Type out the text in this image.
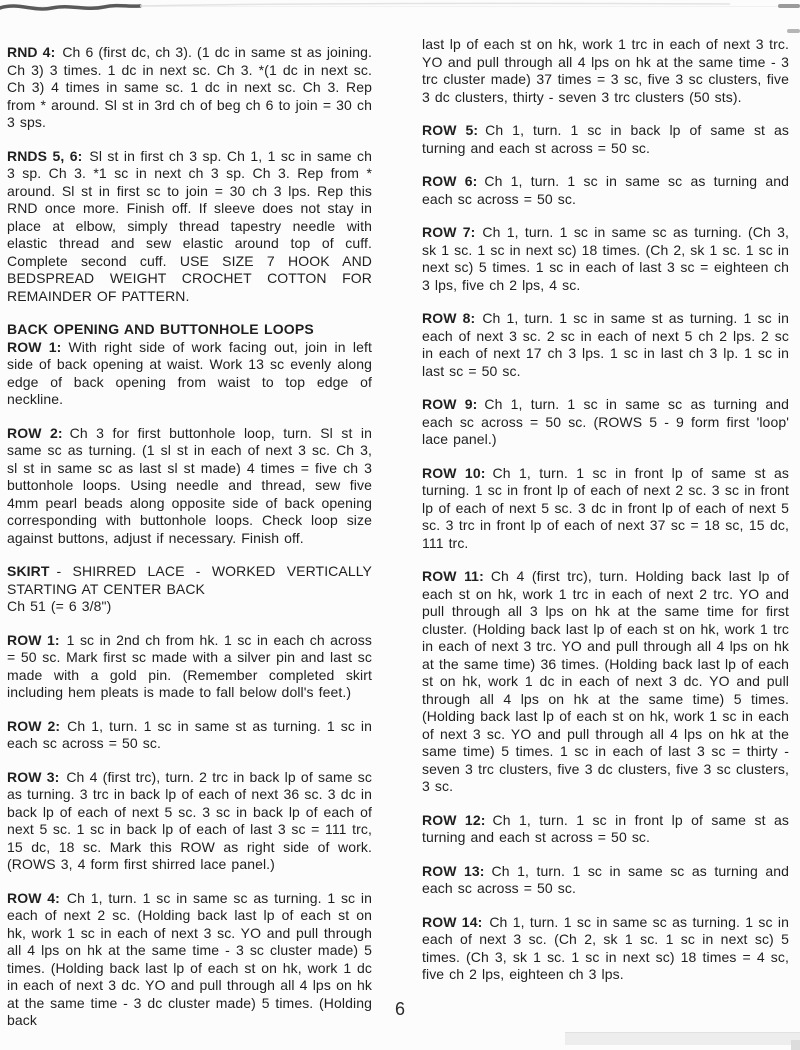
RND 4: Ch 6 (first dc, ch 3). (1 dc in same st as joining. Ch 3) 3 times. 1 dc in next sc. Ch 3. *(1 dc in next sc. Ch 3) 4 times in same sc. 1 dc in next sc. Ch 3. Rep from * around. Sl st in 3rd ch of beg ch 6 to join = 30 ch 3 sps.

RNDS 5, 6: Sl st in first ch 3 sp. Ch 1, 1 sc in same ch 3 sp. Ch 3. *1 sc in next ch 3 sp. Ch 3. Rep from * around. Sl st in first sc to join = 30 ch 3 lps. Rep this RND once more. Finish off. If sleeve does not stay in place at elbow, simply thread tapestry needle with elastic thread and sew elastic around top of cuff. Complete second cuff. USE SIZE 7 HOOK AND BEDSPREAD WEIGHT CROCHET COTTON FOR REMAINDER OF PATTERN.

BACK OPENING AND BUTTONHOLE LOOPS

ROW 1: With right side of work facing out, join in left side of back opening at waist. Work 13 sc evenly along edge of back opening from waist to top edge of neckline.

ROW 2: Ch 3 for first buttonhole loop, turn. Sl st in same sc as turning. (1 sl st in each of next 3 sc. Ch 3, sl st in same sc as last sl st made) 4 times = five ch 3 buttonhole loops. Using needle and thread, sew five 4mm pearl beads along opposite side of back opening corresponding with buttonhole loops. Check loop size against buttons, adjust if necessary. Finish off.

SKIRT - SHIRRED LACE - WORKED VERTICALLY STARTING AT CENTER BACK

Ch 51 (= 6 3/8")

ROW 1: 1 sc in 2nd ch from hk. 1 sc in each ch across = 50 sc. Mark first sc made with a silver pin and last sc made with a gold pin. (Remember completed skirt including hem pleats is made to fall below doll's feet.)

ROW 2: Ch 1, turn. 1 sc in same st as turning. 1 sc in each sc across = 50 sc.

ROW 3: Ch 4 (first trc), turn. 2 trc in back lp of same sc as turning. 3 trc in back lp of each of next 36 sc. 3 dc in back lp of each of next 5 sc. 3 sc in back lp of each of next 5 sc. 1 sc in back lp of each of last 3 sc = 111 trc, 15 dc, 18 sc. Mark this ROW as right side of work. (ROWS 3, 4 form first shirred lace panel.)

ROW 4: Ch 1, turn. 1 sc in same sc as turning. 1 sc in each of next 2 sc. (Holding back last lp of each st on hk, work 1 sc in each of next 3 sc. YO and pull through all 4 lps on hk at the same time - 3 sc cluster made) 5 times. (Holding back last lp of each st on hk, work 1 dc in each of next 3 dc. YO and pull through all 4 lps on hk at the same time - 3 dc cluster made) 5 times. (Holding back

last lp of each st on hk, work 1 trc in each of next 3 trc. YO and pull through all 4 lps on hk at the same time - 3 trc cluster made) 37 times = 3 sc, five 3 sc clusters, five 3 dc clusters, thirty - seven 3 trc clusters (50 sts).

ROW 5: Ch 1, turn. 1 sc in back lp of same st as turning and each st across = 50 sc.

ROW 6: Ch 1, turn. 1 sc in same sc as turning and each sc across = 50 sc.

ROW 7: Ch 1, turn. 1 sc in same sc as turning. (Ch 3, sk 1 sc. 1 sc in next sc) 18 times. (Ch 2, sk 1 sc. 1 sc in next sc) 5 times. 1 sc in each of last 3 sc = eighteen ch 3 lps, five ch 2 lps, 4 sc.

ROW 8: Ch 1, turn. 1 sc in same st as turning. 1 sc in each of next 3 sc. 2 sc in each of next 5 ch 2 lps. 2 sc in each of next 17 ch 3 lps. 1 sc in last ch 3 lp. 1 sc in last sc = 50 sc.

ROW 9: Ch 1, turn. 1 sc in same sc as turning and each sc across = 50 sc. (ROWS 5 - 9 form first 'loop' lace panel.)

ROW 10: Ch 1, turn. 1 sc in front lp of same st as turning. 1 sc in front lp of each of next 2 sc. 3 sc in front lp of each of next 5 sc. 3 dc in front lp of each of next 5 sc. 3 trc in front lp of each of next 37 sc = 18 sc, 15 dc, 111 trc.

ROW 11: Ch 4 (first trc), turn. Holding back last lp of each st on hk, work 1 trc in each of next 2 trc. YO and pull through all 3 lps on hk at the same time for first cluster. (Holding back last lp of each st on hk, work 1 trc in each of next 3 trc. YO and pull through all 4 lps on hk at the same time) 36 times. (Holding back last lp of each st on hk, work 1 dc in each of next 3 dc. YO and pull through all 4 lps on hk at the same time) 5 times. (Holding back last lp of each st on hk, work 1 sc in each of next 3 sc. YO and pull through all 4 lps on hk at the same time) 5 times. 1 sc in each of last 3 sc = thirty - seven 3 trc clusters, five 3 dc clusters, five 3 sc clusters, 3 sc.

ROW 12: Ch 1, turn. 1 sc in front lp of same st as turning and each st across = 50 sc.

ROW 13: Ch 1, turn. 1 sc in same sc as turning and each sc across = 50 sc.

ROW 14: Ch 1, turn. 1 sc in same sc as turning. 1 sc in each of next 3 sc. (Ch 2, sk 1 sc. 1 sc in next sc) 5 times. (Ch 3, sk 1 sc. 1 sc in next sc) 18 times = 4 sc, five ch 2 lps, eighteen ch 3 lps.

6
